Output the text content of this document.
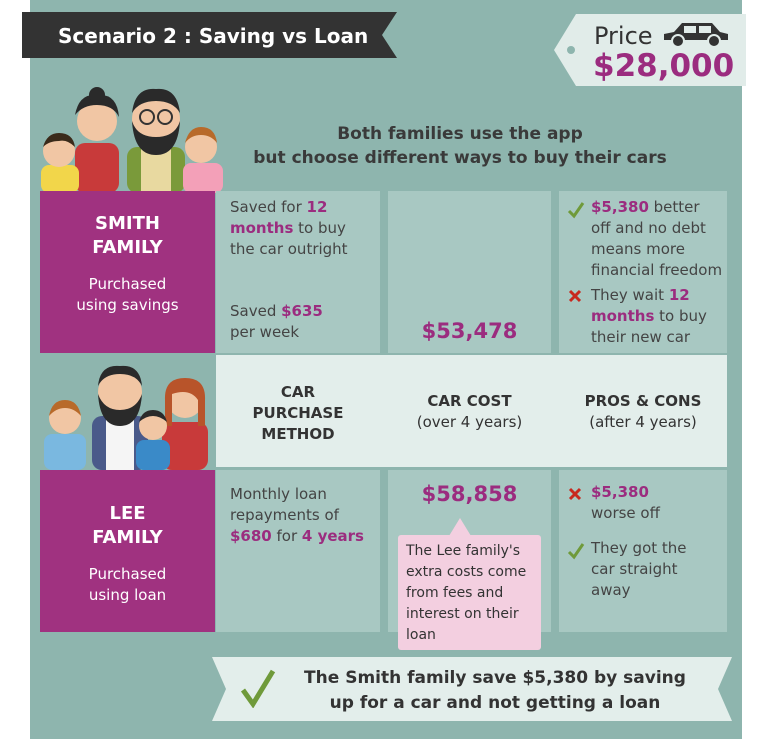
Scenario 2 : Saving vs Loan	Price
$28,000
Both families use the app
but choose different ways to buy their cars
SMITH
FAMILY
Purchased
using savings
Saved for 12
months to buy
the car outright
Saved $635
per week	$53,478
$5,380 better
off and no debt
means more
financial freedom
They wait 12
months to buy
their new car
CAR
PURCHASE
METHOD
CAR COST
(over 4 years)
PROS & CONS
(after 4 years)
LEE
FAMILY
Purchased
using loan
Monthly loan
repayments of
$680 for 4 years
$58,858
The Lee family's
extra costs come
from fees and
interest on their
loan
$5,380
worse off
They got the
car straight
away
The Smith family save $5,380 by saving
up for a car and not getting a loan
